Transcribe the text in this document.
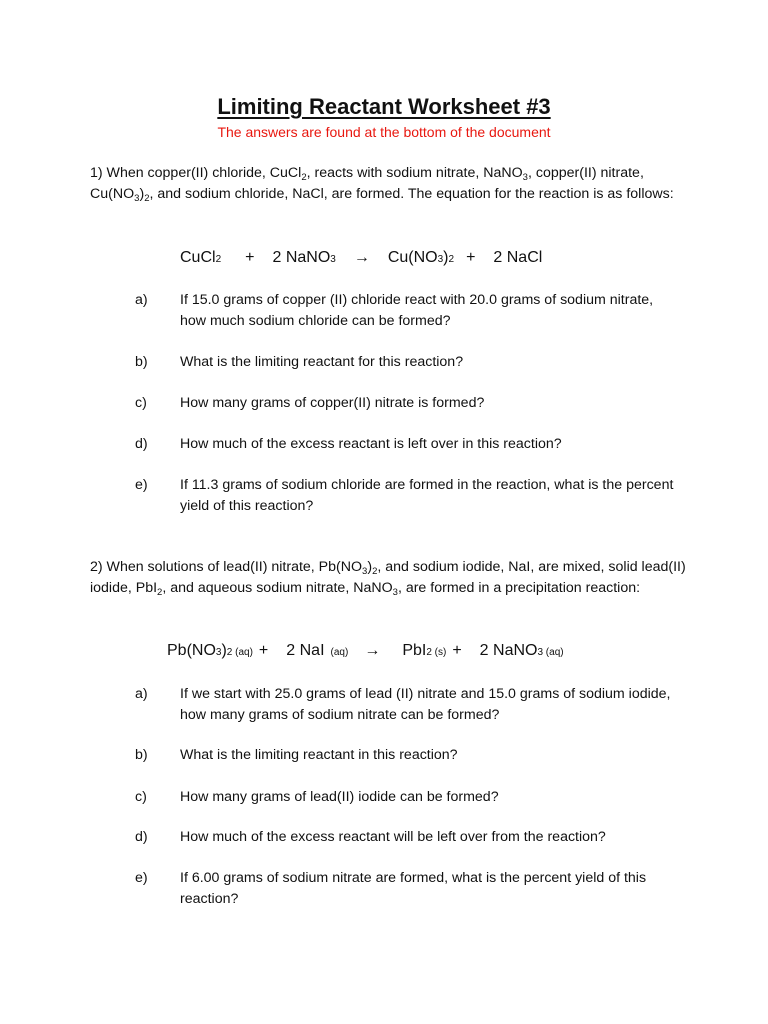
Limiting Reactant Worksheet #3
The answers are found at the bottom of the document
1) When copper(II) chloride, CuCl$_2$, reacts with sodium nitrate, NaNO$_3$, copper(II) nitrate, $Cu(NO_3)_2$, and sodium chloride, NaCl, are formed. The equation for the reaction is as follows:
CuCl 2 + 2 NaNO 3 → Cu(NO 3 ) 2 + 2 NaCl
a) If 15.0 grams of copper (II) chloride react with 20.0 grams of sodium nitrate, how much sodium chloride can be formed?
b) What is the limiting reactant for this reaction?
c) How many grams of copper(II) nitrate is formed?
d) How much of the excess reactant is left over in this reaction?
e) If 11.3 grams of sodium chloride are formed in the reaction, what is the percent yield of this reaction?
2) When solutions of lead(II) nitrate, $Pb(NO_3)_2$, and sodium iodide, NaI, are mixed, solid lead(II) iodide, PbI$_2$, and aqueous sodium nitrate, NaNO$_3$, are formed in a precipitation reaction:
Pb(NO 3 ) 2 (aq) + 2 NaI (aq) → PbI 2 (s) + 2 NaNO 3 (aq)
a) If we start with 25.0 grams of lead (II) nitrate and 15.0 grams of sodium iodide, how many grams of sodium nitrate can be formed?
b) What is the limiting reactant in this reaction?
c) How many grams of lead(II) iodide can be formed?
d) How much of the excess reactant will be left over from the reaction?
e) If 6.00 grams of sodium nitrate are formed, what is the percent yield of this reaction?
